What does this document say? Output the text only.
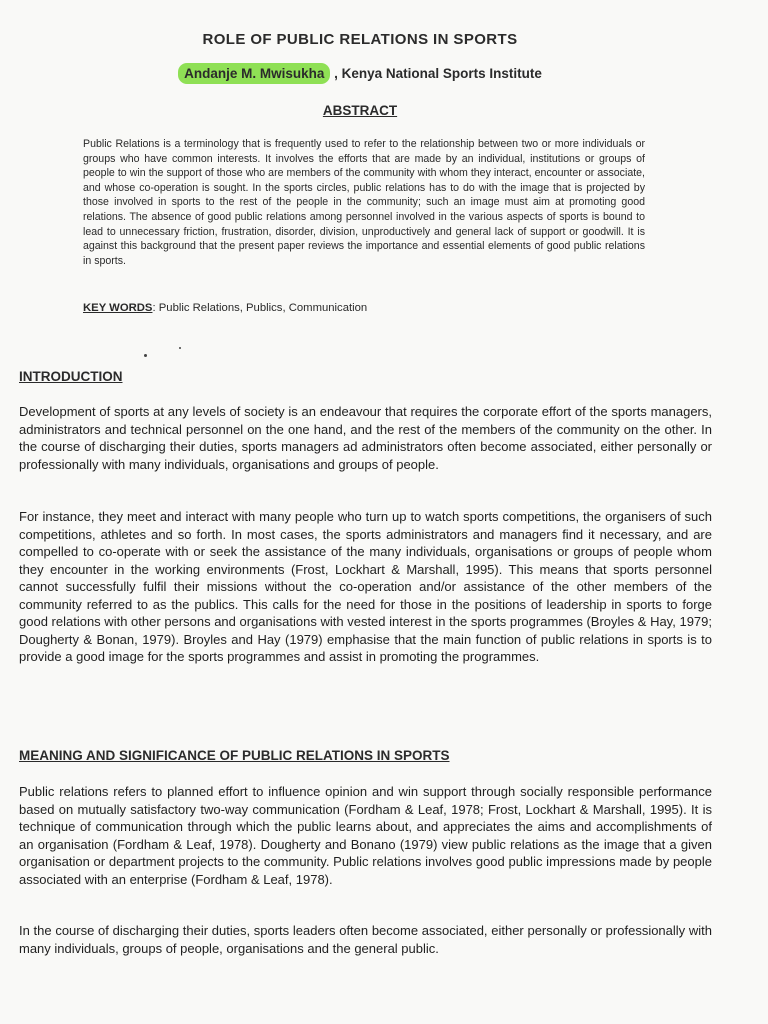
ROLE OF PUBLIC RELATIONS IN SPORTS
Andanje M. Mwisukha , Kenya National Sports Institute
ABSTRACT
Public Relations is a terminology that is frequently used to refer to the relationship between two or more individuals or groups who have common interests. It involves the efforts that are made by an individual, institutions or groups of people to win the support of those who are members of the community with whom they interact, encounter or associate, and whose co-operation is sought. In the sports circles, public relations has to do with the image that is projected by those involved in sports to the rest of the people in the community; such an image must aim at promoting good relations. The absence of good public relations among personnel involved in the various aspects of sports is bound to lead to unnecessary friction, frustration, disorder, division, unproductively and general lack of support or goodwill. It is against this background that the present paper reviews the importance and essential elements of good public relations in sports.
KEY WORDS: Public Relations, Publics, Communication
INTRODUCTION
Development of sports at any levels of society is an endeavour that requires the corporate effort of the sports managers, administrators and technical personnel on the one hand, and the rest of the members of the community on the other. In the course of discharging their duties, sports managers ad administrators often become associated, either personally or professionally with many individuals, organisations and groups of people.
For instance, they meet and interact with many people who turn up to watch sports competitions, the organisers of such competitions, athletes and so forth. In most cases, the sports administrators and managers find it necessary, and are compelled to co-operate with or seek the assistance of the many individuals, organisations or groups of people whom they encounter in the working environments (Frost, Lockhart & Marshall, 1995). This means that sports personnel cannot successfully fulfil their missions without the co-operation and/or assistance of the other members of the community referred to as the publics. This calls for the need for those in the positions of leadership in sports to forge good relations with other persons and organisations with vested interest in the sports programmes (Broyles & Hay, 1979; Dougherty & Bonan, 1979). Broyles and Hay (1979) emphasise that the main function of public relations in sports is to provide a good image for the sports programmes and assist in promoting the programmes.
MEANING AND SIGNIFICANCE OF PUBLIC RELATIONS IN SPORTS
Public relations refers to planned effort to influence opinion and win support through socially responsible performance based on mutually satisfactory two-way communication (Fordham & Leaf, 1978; Frost, Lockhart & Marshall, 1995). It is technique of communication through which the public learns about, and appreciates the aims and accomplishments of an organisation (Fordham & Leaf, 1978). Dougherty and Bonano (1979) view public relations as the image that a given organisation or department projects to the community. Public relations involves good public impressions made by people associated with an enterprise (Fordham & Leaf, 1978).
In the course of discharging their duties, sports leaders often become associated, either personally or professionally with many individuals, groups of people, organisations and the general public.
